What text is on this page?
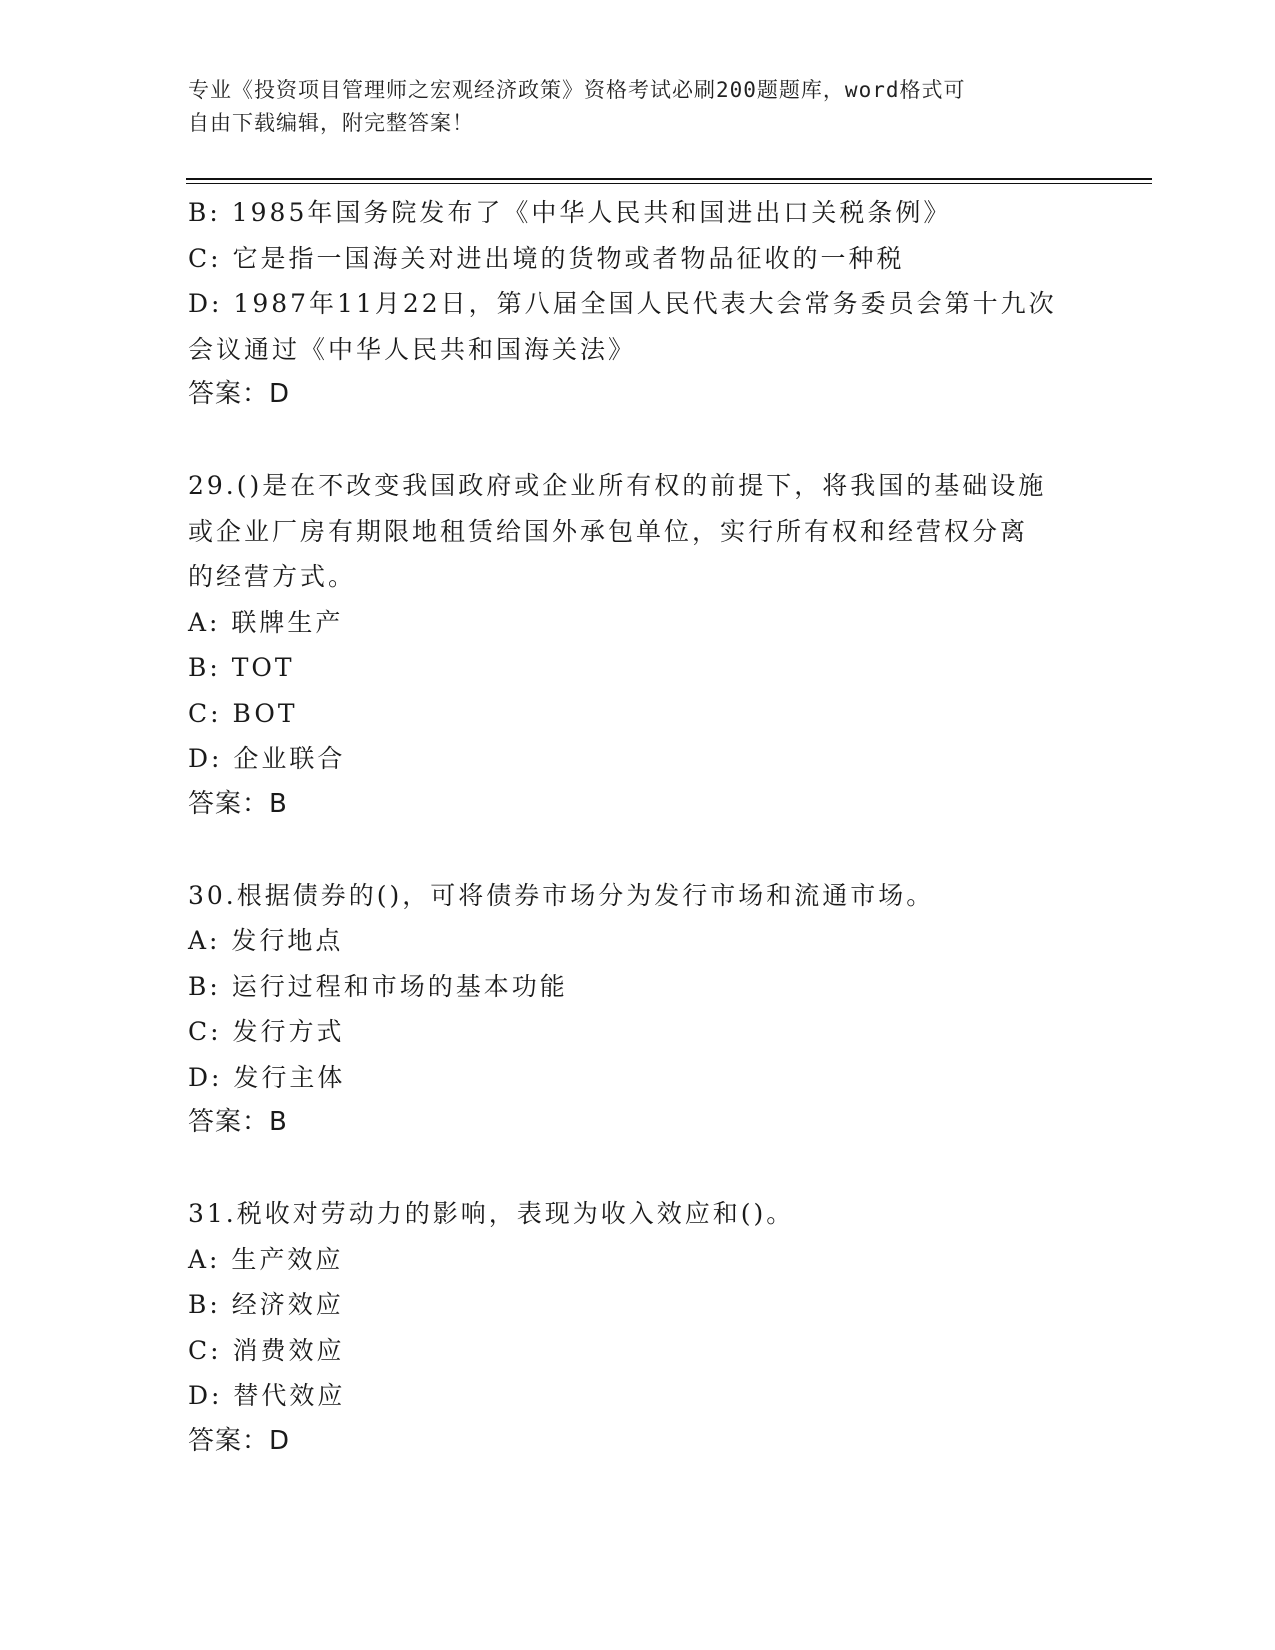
专业《投资项目管理师之宏观经济政策》资格考试必刷200题题库，word格式可
自由下载编辑，附完整答案！
B: 1985年国务院发布了《中华人民共和国进出口关税条例》
C: 它是指一国海关对进出境的货物或者物品征收的一种税
D: 1987年11月22日，第八届全国人民代表大会常务委员会第十九次
会议通过《中华人民共和国海关法》
答案：D
29.()是在不改变我国政府或企业所有权的前提下，将我国的基础设施
或企业厂房有期限地租赁给国外承包单位，实行所有权和经营权分离
的经营方式。
A: 联牌生产
B: TOT
C: BOT
D: 企业联合
答案：B
30.根据债券的()，可将债券市场分为发行市场和流通市场。
A: 发行地点
B: 运行过程和市场的基本功能
C: 发行方式
D: 发行主体
答案：B
31.税收对劳动力的影响，表现为收入效应和()。
A: 生产效应
B: 经济效应
C: 消费效应
D: 替代效应
答案：D
